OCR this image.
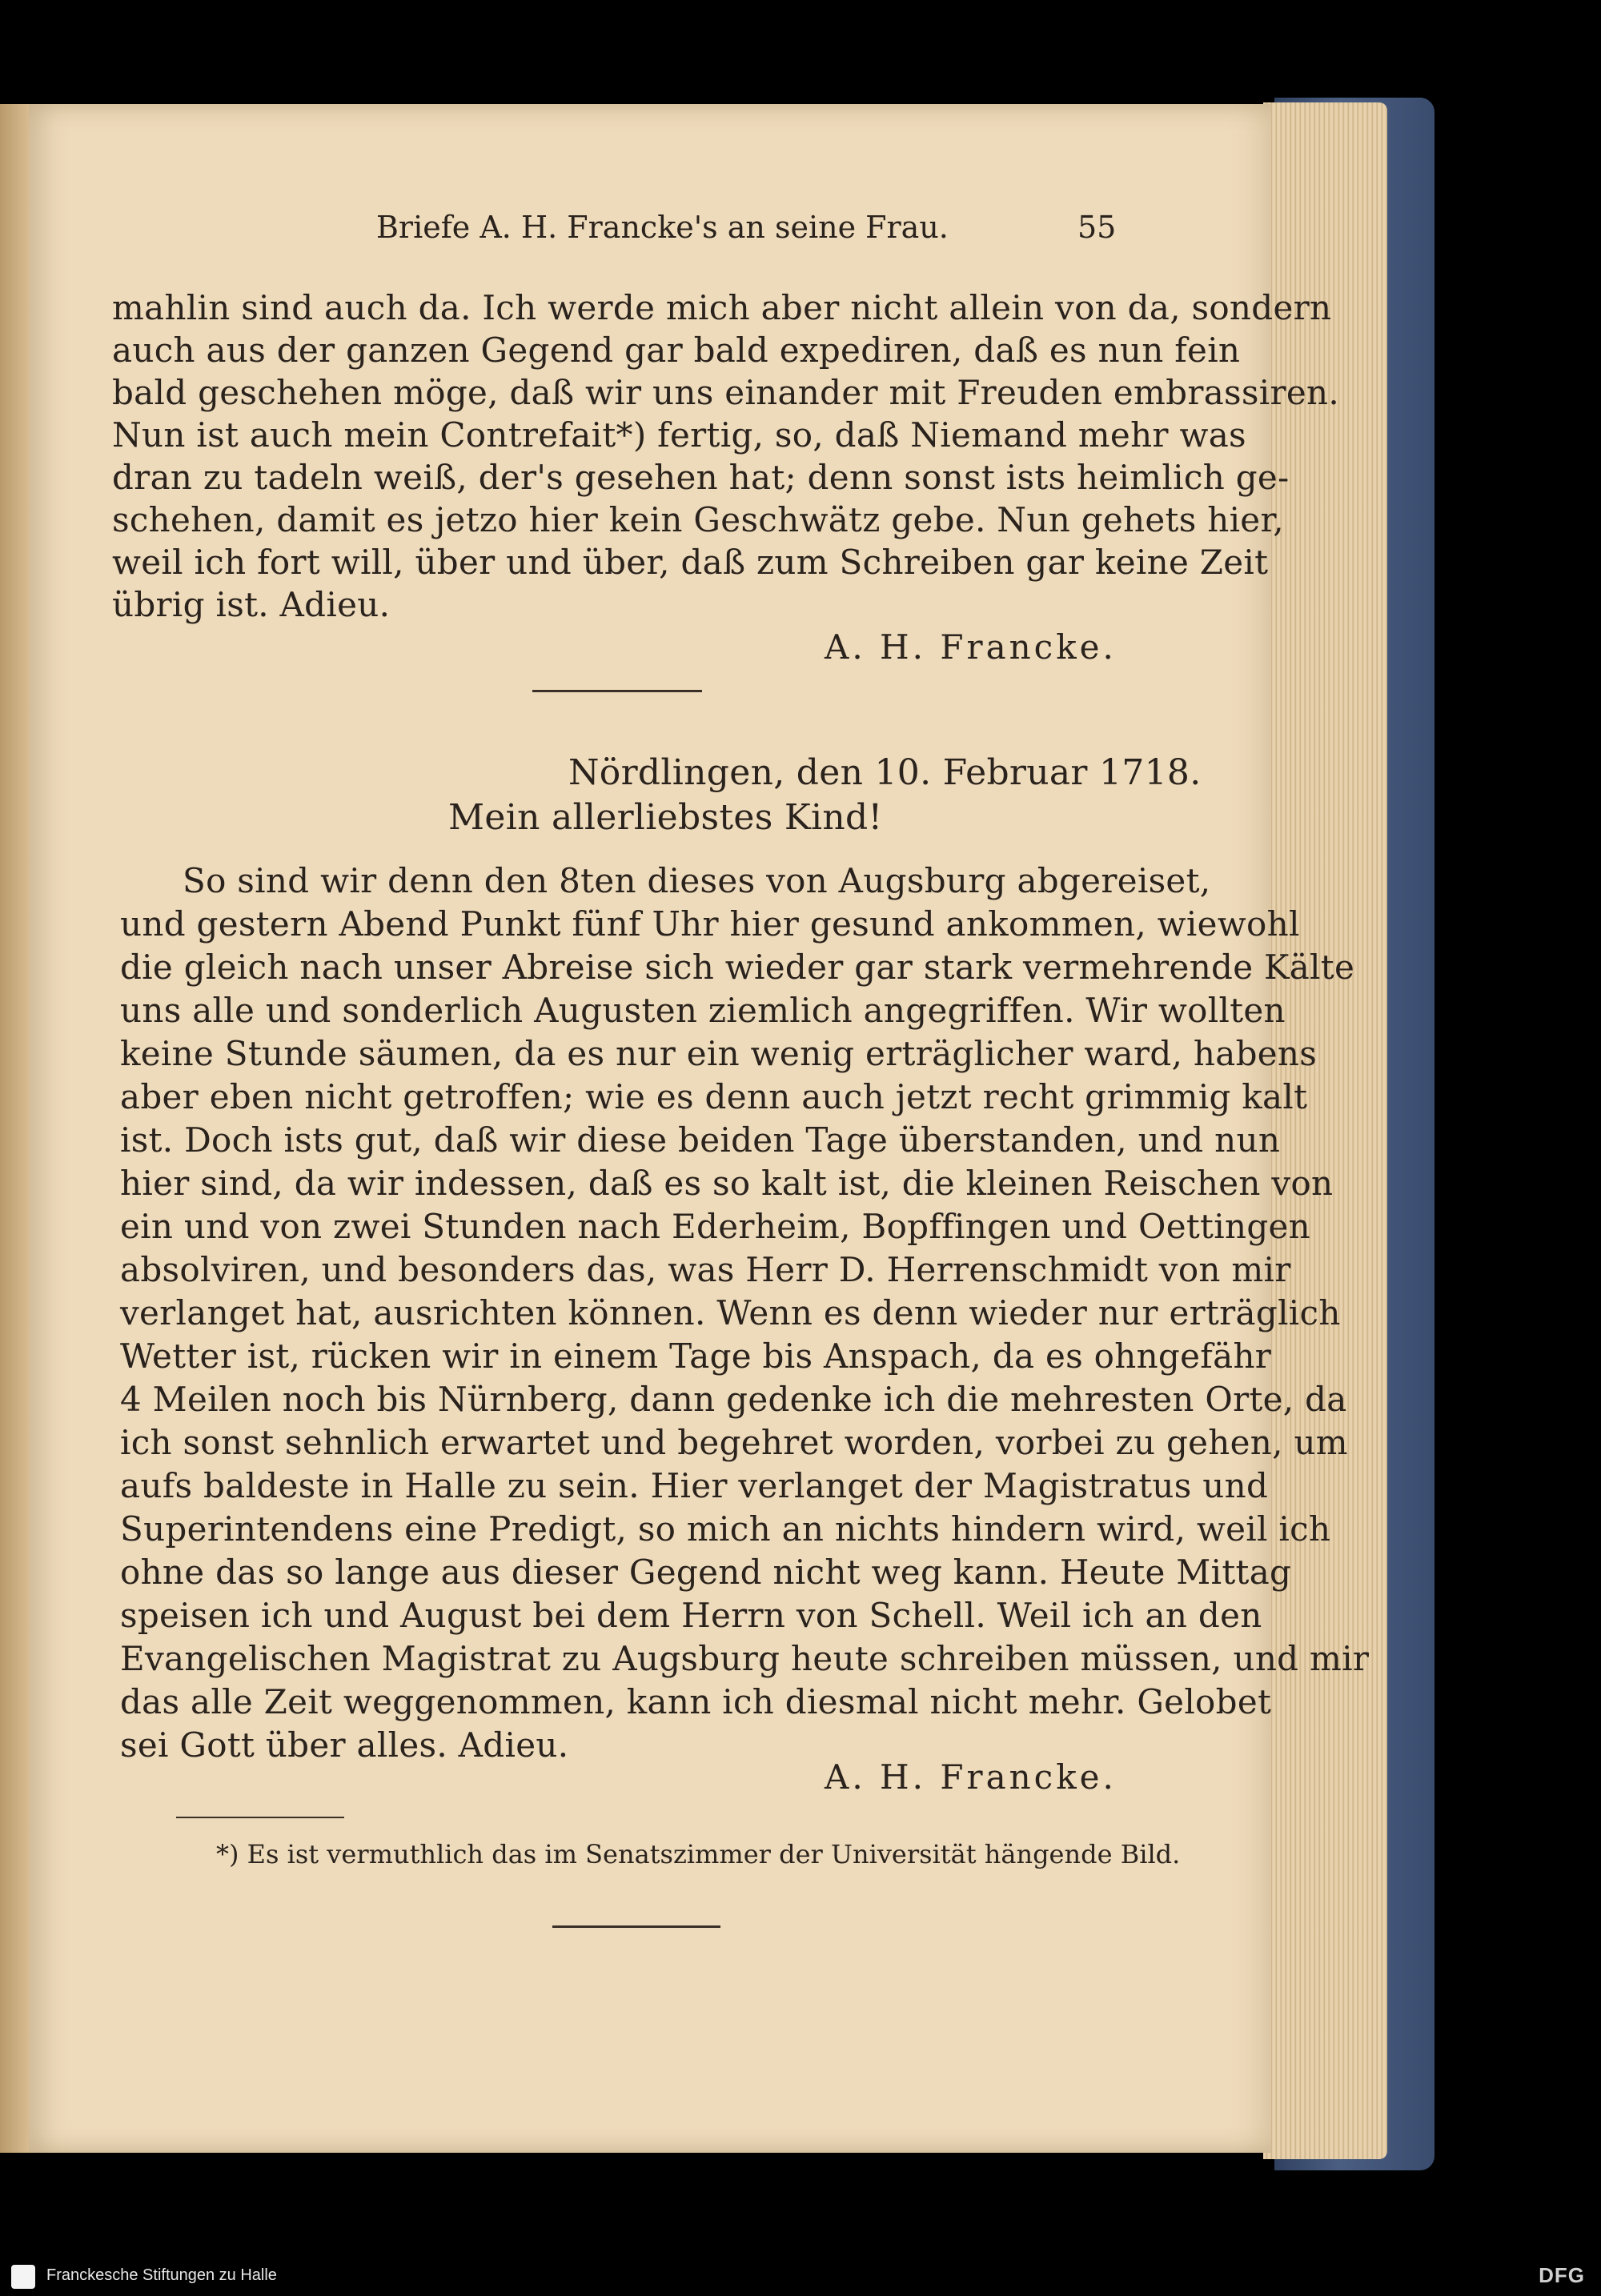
Briefe A. H. Francke's an seine Frau.	55
mahlin sind auch da. Ich werde mich aber nicht allein von da, sondern
auch aus der ganzen Gegend gar bald expediren, daß es nun fein
bald geschehen möge, daß wir uns einander mit Freuden embrassiren.
Nun ist auch mein Contrefait*) fertig, so, daß Niemand mehr was
dran zu tadeln weiß, der's gesehen hat; denn sonst ists heimlich ge-
schehen, damit es jetzo hier kein Geschwätz gebe. Nun gehets hier,
weil ich fort will, über und über, daß zum Schreiben gar keine Zeit
übrig ist. Adieu.
A. H. Francke.
Nördlingen, den 10. Februar 1718.
Mein allerliebstes Kind!
So sind wir denn den 8ten dieses von Augsburg abgereiset,
und gestern Abend Punkt fünf Uhr hier gesund ankommen, wiewohl
die gleich nach unser Abreise sich wieder gar stark vermehrende Kälte
uns alle und sonderlich Augusten ziemlich angegriffen. Wir wollten
keine Stunde säumen, da es nur ein wenig erträglicher ward, habens
aber eben nicht getroffen; wie es denn auch jetzt recht grimmig kalt
ist. Doch ists gut, daß wir diese beiden Tage überstanden, und nun
hier sind, da wir indessen, daß es so kalt ist, die kleinen Reischen von
ein und von zwei Stunden nach Ederheim, Bopffingen und Oettingen
absolviren, und besonders das, was Herr D. Herrenschmidt von mir
verlanget hat, ausrichten können. Wenn es denn wieder nur erträglich
Wetter ist, rücken wir in einem Tage bis Anspach, da es ohngefähr
4 Meilen noch bis Nürnberg, dann gedenke ich die mehresten Orte, da
ich sonst sehnlich erwartet und begehret worden, vorbei zu gehen, um
aufs baldeste in Halle zu sein. Hier verlanget der Magistratus und
Superintendens eine Predigt, so mich an nichts hindern wird, weil ich
ohne das so lange aus dieser Gegend nicht weg kann. Heute Mittag
speisen ich und August bei dem Herrn von Schell. Weil ich an den
Evangelischen Magistrat zu Augsburg heute schreiben müssen, und mir
das alle Zeit weggenommen, kann ich diesmal nicht mehr. Gelobet
sei Gott über alles. Adieu.
A. H. Francke.
*) Es ist vermuthlich das im Senatszimmer der Universität hängende Bild.
Franckesche Stiftungen zu Halle	DFG
